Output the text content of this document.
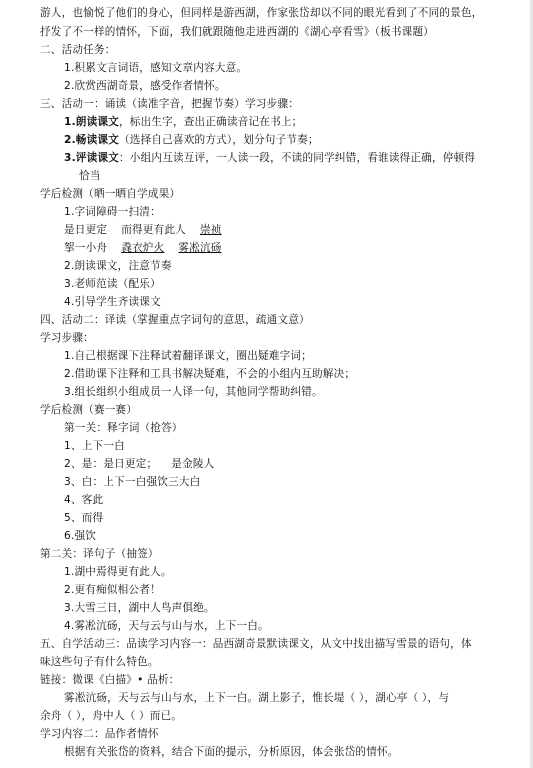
游人，也愉悦了他们的身心，但同样是游西湖，作家张岱却以不同的眼光看到了不同的景色，
抒发了不一样的情怀，下面，我们就跟随他走进西湖的《湖心亭看雪》（板书课题）
二、活动任务：
1.积累文言词语，感知文章内容大意。
2.欣赏西湖奇景，感受作者情怀。
三、活动一：诵读（读准字音，把握节奏）学习步骤：
1.朗读课文，标出生字，查出正确读音记在书上；
2.畅读课文（选择自己喜欢的方式），划分句子节奏；
3.评读课文：小组内互读互评，一人读一段，不读的同学纠错，看谁读得正确，停顿得
恰当
学后检测（晒一晒自学成果）
1.字词障碍一扫清：
是日更定 而得更有此人 崇祯
挐一小舟 毳衣炉火 雾凇沆砀
2.朗读课文，注意节奏
3.老师范读（配乐）
4.引导学生齐读课文
四、活动二：译读（掌握重点字词句的意思，疏通文意）
学习步骤：
1.自己根据课下注释试着翻译课文，圈出疑难字词；
2.借助课下注释和工具书解决疑难，不会的小组内互助解决；
3.组长组织小组成员一人译一句，其他同学帮助纠错。
学后检测（赛一赛）
第一关：释字词（抢答）
1、上下一白
2、是：是日更定； 是金陵人
3、白：上下一白强饮三大白
4、客此
5、而得
6.强饮
第二关：译句子（抽签）
1.湖中焉得更有此人。
2.更有痴似相公者！
3.大雪三日，湖中人鸟声俱绝。
4.雾凇沆砀，天与云与山与水，上下一白。
五、自学活动三：品读学习内容一：品西湖奇景默读课文，从文中找出描写雪景的语句，体
味这些句子有什么特色。
链接：微课《白描》• 品析：
雾凇沆砀，天与云与山与水，上下一白。湖上影子，惟长堤（ ），湖心亭（ ），与
余舟（ ），舟中人（ ）而已。
学习内容二：品作者情怀
根据有关张岱的资料，结合下面的提示，分析原因，体会张岱的情怀。
